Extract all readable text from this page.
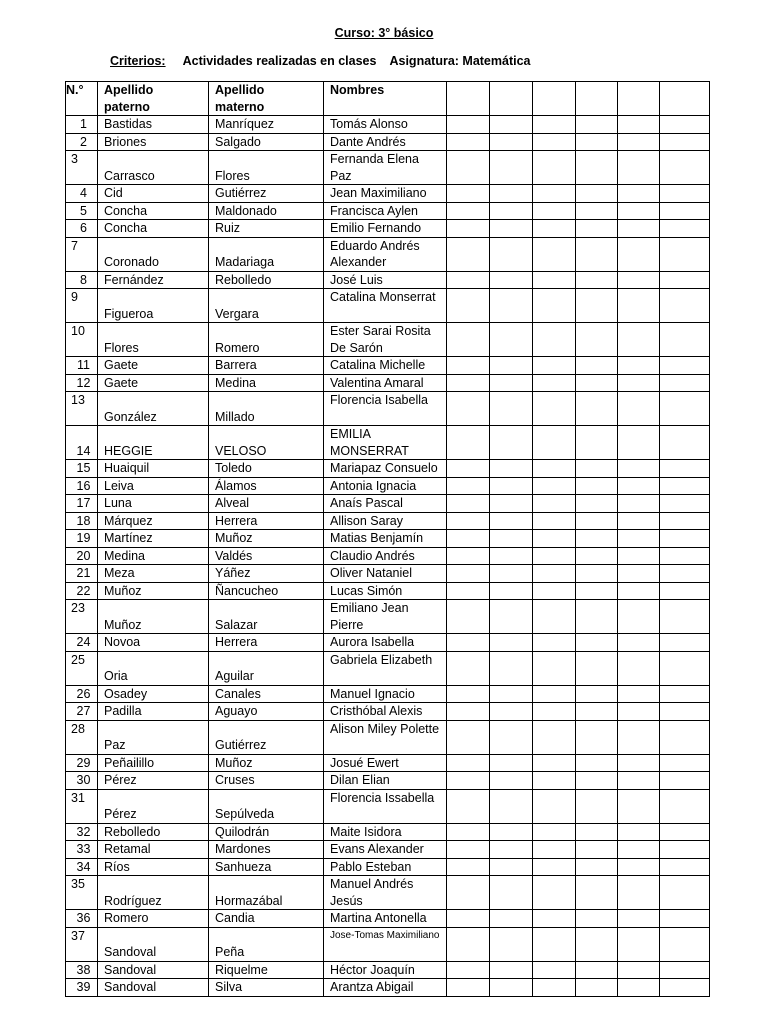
Curso: 3° básico
Criterios: Actividades realizadas en clases Asignatura: Matemática
N.°	Apellido paterno	Apellido materno	Nombres						
1	Bastidas	Manríquez	Tomás Alonso						
2	Briones	Salgado	Dante Andrés						
3	Carrasco	Flores	Fernanda Elena Paz						
4	Cid	Gutiérrez	Jean Maximiliano						
5	Concha	Maldonado	Francisca Aylen						
6	Concha	Ruiz	Emilio Fernando						
7	Coronado	Madariaga	Eduardo Andrés Alexander						
8	Fernández	Rebolledo	José Luis						
9	Figueroa	Vergara	Catalina Monserrat						
10	Flores	Romero	Ester Sarai Rosita De Sarón						
11	Gaete	Barrera	Catalina Michelle						
12	Gaete	Medina	Valentina Amaral						
13	González	Millado	Florencia Isabella						
14	HEGGIE	VELOSO	EMILIA MONSERRAT						
15	Huaiquil	Toledo	Mariapaz Consuelo						
16	Leiva	Álamos	Antonia Ignacia						
17	Luna	Alveal	Anaís Pascal						
18	Márquez	Herrera	Allison Saray						
19	Martínez	Muñoz	Matias Benjamín						
20	Medina	Valdés	Claudio Andrés						
21	Meza	Yáñez	Oliver Nataniel						
22	Muñoz	Ñancucheo	Lucas Simón						
23	Muñoz	Salazar	Emiliano Jean Pierre						
24	Novoa	Herrera	Aurora Isabella						
25	Oria	Aguilar	Gabriela Elizabeth						
26	Osadey	Canales	Manuel Ignacio						
27	Padilla	Aguayo	Cristhóbal Alexis						
28	Paz	Gutiérrez	Alison Miley Polette						
29	Peñailillo	Muñoz	Josué Ewert						
30	Pérez	Cruses	Dilan Elian						
31	Pérez	Sepúlveda	Florencia Issabella						
32	Rebolledo	Quilodrán	Maite Isidora						
33	Retamal	Mardones	Evans Alexander						
34	Ríos	Sanhueza	Pablo Esteban						
35	Rodríguez	Hormazábal	Manuel Andrés Jesús						
36	Romero	Candia	Martina Antonella						
37	Sandoval	Peña	Jose-Tomas Maximiliano						
38	Sandoval	Riquelme	Héctor Joaquín						
39	Sandoval	Silva	Arantza Abigail						
